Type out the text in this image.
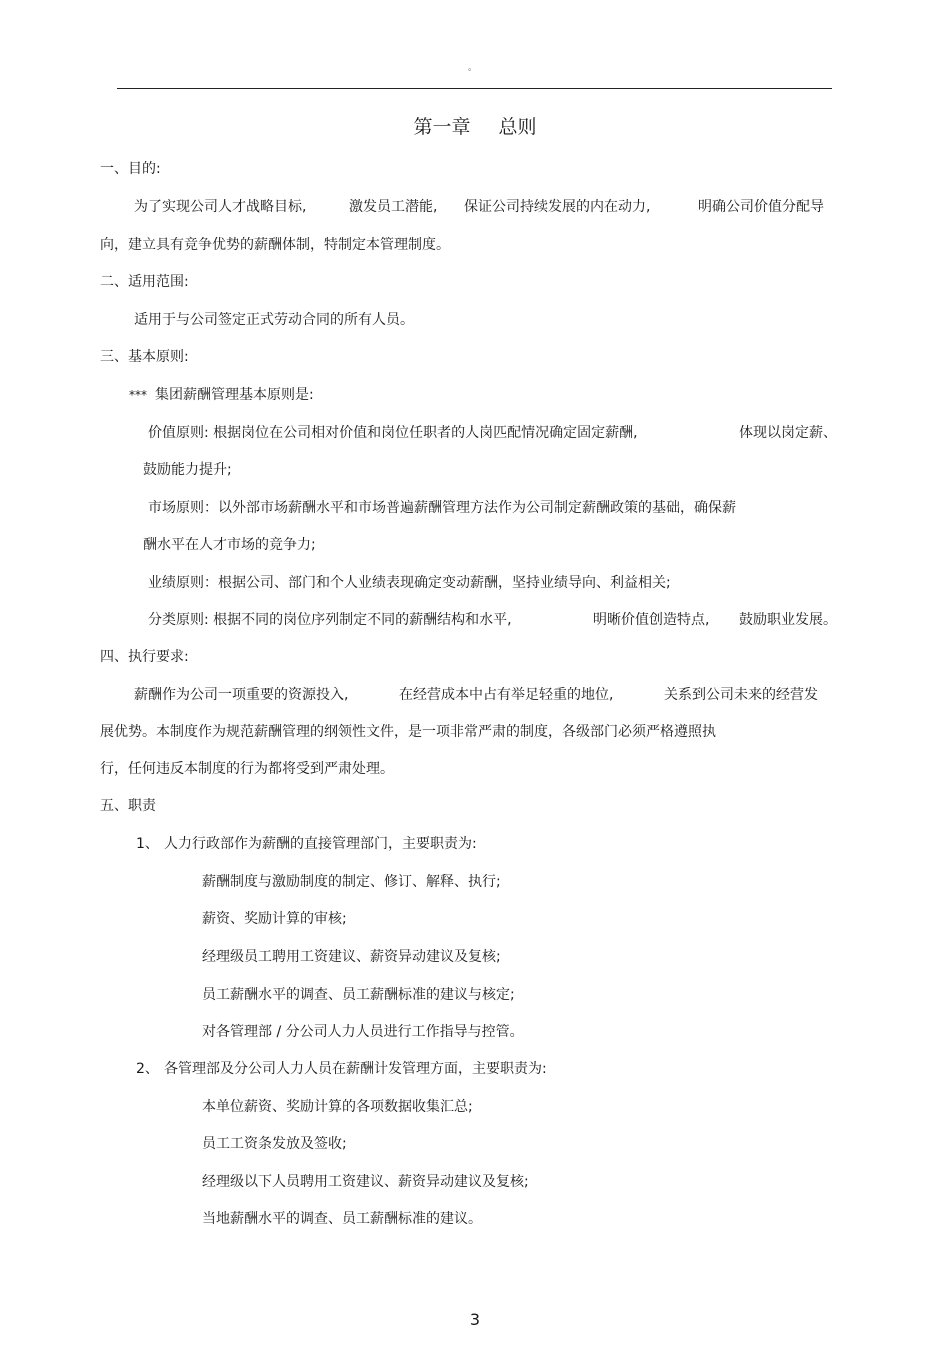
。
第一章 总则
一、目的:
为了实现公司人才战略目标,	激发员工潜能, 保证公司持续发展的内在动力,	明确公司价值分配导
向，建立具有竞争优势的薪酬体制，特制定本管理制度。
二、适用范围:
适用于与公司签定正式劳动合同的所有人员。
三、基本原则:
*** 集团薪酬管理基本原则是:
价值原则: 根据岗位在公司相对价值和岗位任职者的人岗匹配情况确定固定薪酬,	体现以岗定薪、
鼓励能力提升;
市场原则：以外部市场薪酬水平和市场普遍薪酬管理方法作为公司制定薪酬政策的基础，确保薪
酬水平在人才市场的竞争力;
业绩原则：根据公司、部门和个人业绩表现确定变动薪酬，坚持业绩导向、利益相关;
分类原则: 根据不同的岗位序列制定不同的薪酬结构和水平,	明晰价值创造特点, 鼓励职业发展。
四、执行要求:
薪酬作为公司一项重要的资源投入,	在经营成本中占有举足轻重的地位,	关系到公司未来的经营发
展优势。本制度作为规范薪酬管理的纲领性文件，是一项非常严肃的制度，各级部门必须严格遵照执
行，任何违反本制度的行为都将受到严肃处理。
五、职责
1、 人力行政部作为薪酬的直接管理部门，主要职责为:
薪酬制度与激励制度的制定、修订、解释、执行;
薪资、奖励计算的审核;
经理级员工聘用工资建议、薪资异动建议及复核;
员工薪酬水平的调查、员工薪酬标准的建议与核定;
对各管理部 / 分公司人力人员进行工作指导与控管。
2、 各管理部及分公司人力人员在薪酬计发管理方面，主要职责为:
本单位薪资、奖励计算的各项数据收集汇总;
员工工资条发放及签收;
经理级以下人员聘用工资建议、薪资异动建议及复核;
当地薪酬水平的调查、员工薪酬标准的建议。
3
